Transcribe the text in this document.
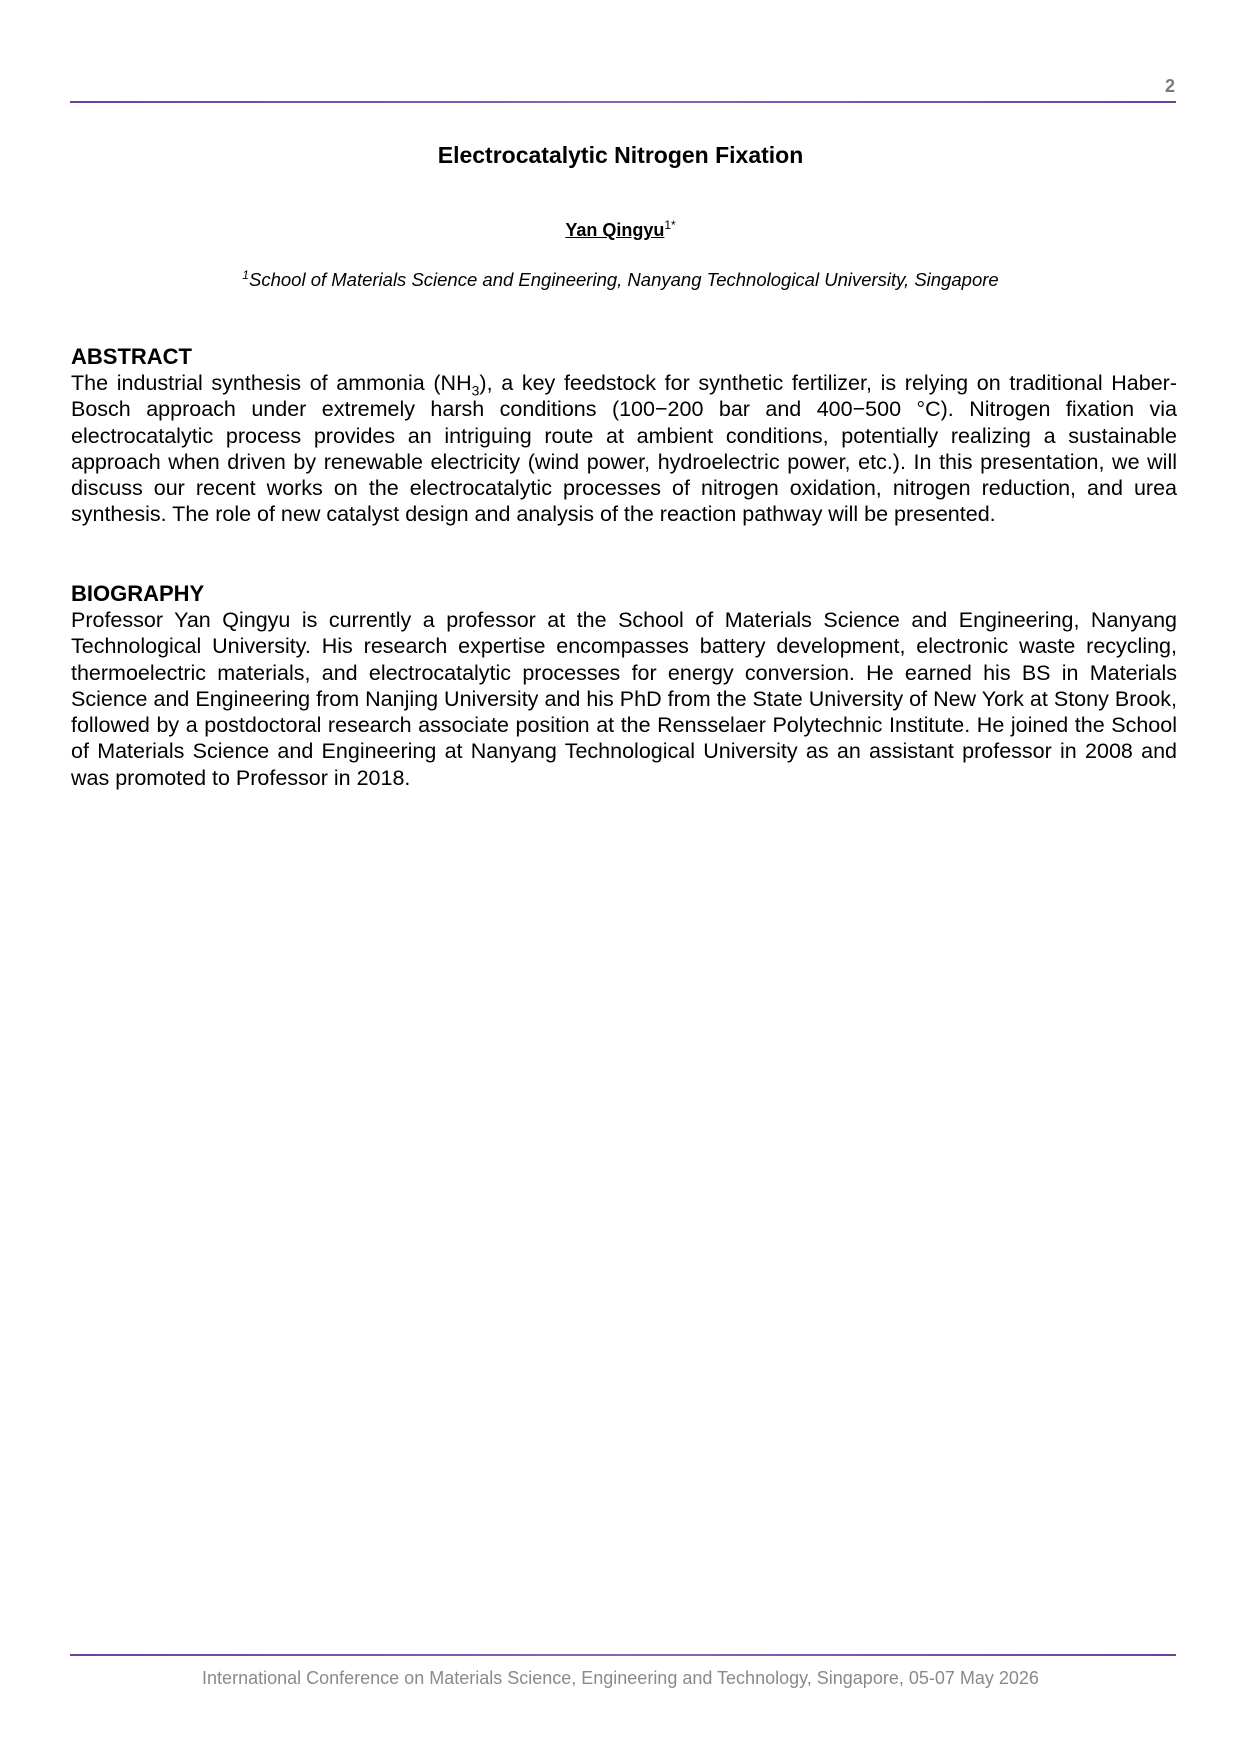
2
Electrocatalytic Nitrogen Fixation
Yan Qingyu$^{1*}$
$^1$School of Materials Science and Engineering, Nanyang Technological University, Singapore

ABSTRACT

The industrial synthesis of ammonia $(NH_3)$, a key feedstock for synthetic fertilizer, is relying on traditional Haber-Bosch approach under extremely harsh conditions (100−200 bar and 400−500 °C). Nitrogen fixation via electrocatalytic process provides an intriguing route at ambient conditions, potentially realizing a sustainable approach when driven by renewable electricity (wind power, hydroelectric power, etc.). In this presentation, we will discuss our recent works on the electrocatalytic processes of nitrogen oxidation, nitrogen reduction, and urea synthesis. The role of new catalyst design and analysis of the reaction pathway will be presented.

BIOGRAPHY

Professor Yan Qingyu is currently a professor at the School of Materials Science and Engineering, Nanyang Technological University. His research expertise encompasses battery development, electronic waste recycling, thermoelectric materials, and electrocatalytic processes for energy conversion. He earned his BS in Materials Science and Engineering from Nanjing University and his PhD from the State University of New York at Stony Brook, followed by a postdoctoral research associate position at the Rensselaer Polytechnic Institute. He joined the School of Materials Science and Engineering at Nanyang Technological University as an assistant professor in 2008 and was promoted to Professor in 2018.

International Conference on Materials Science, Engineering and Technology, Singapore, 05-07 May 2026
